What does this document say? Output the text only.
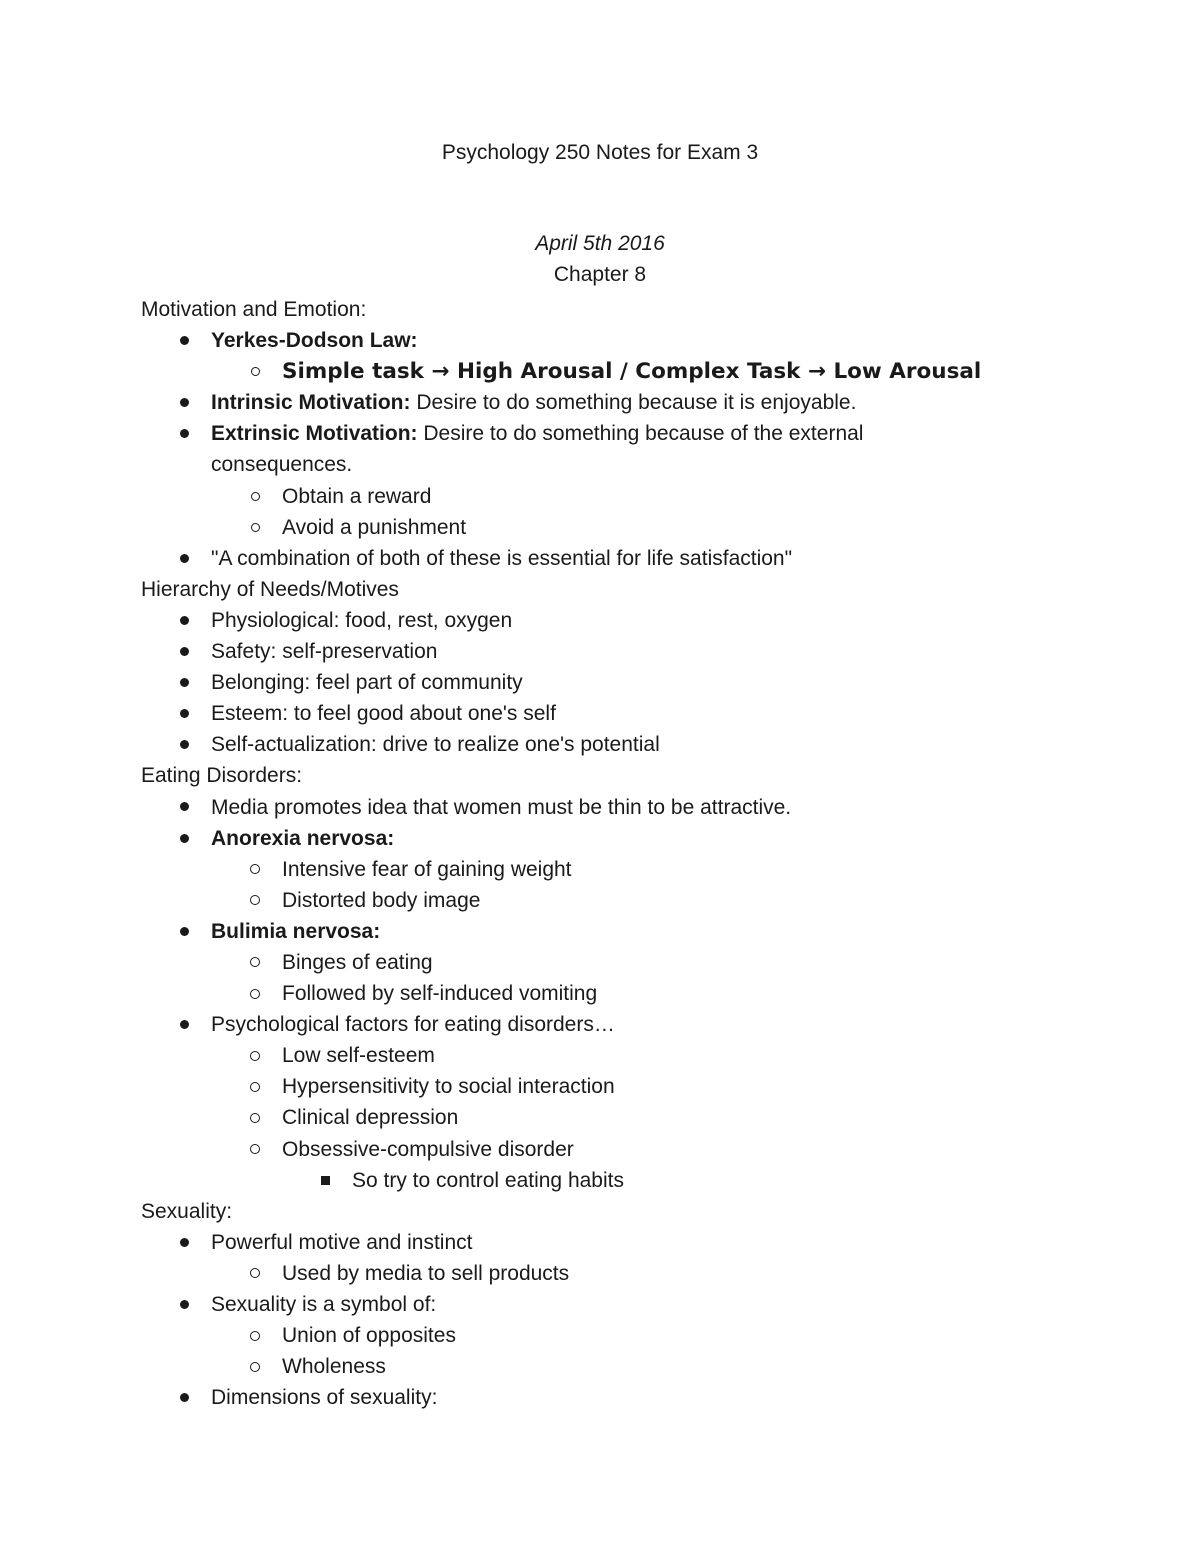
Psychology 250 Notes for Exam 3
April 5th 2016
Chapter 8
Motivation and Emotion:
Yerkes-Dodson Law:
Simple task → High Arousal / Complex Task → Low Arousal
Intrinsic Motivation: Desire to do something because it is enjoyable.
Extrinsic Motivation: Desire to do something because of the external
consequences.
Obtain a reward
Avoid a punishment
"A combination of both of these is essential for life satisfaction"
Hierarchy of Needs/Motives
Physiological: food, rest, oxygen
Safety: self-preservation
Belonging: feel part of community
Esteem: to feel good about one's self
Self-actualization: drive to realize one's potential
Eating Disorders:
Media promotes idea that women must be thin to be attractive.
Anorexia nervosa:
Intensive fear of gaining weight
Distorted body image
Bulimia nervosa:
Binges of eating
Followed by self-induced vomiting
Psychological factors for eating disorders…
Low self-esteem
Hypersensitivity to social interaction
Clinical depression
Obsessive-compulsive disorder
So try to control eating habits
Sexuality:
Powerful motive and instinct
Used by media to sell products
Sexuality is a symbol of:
Union of opposites
Wholeness
Dimensions of sexuality:
